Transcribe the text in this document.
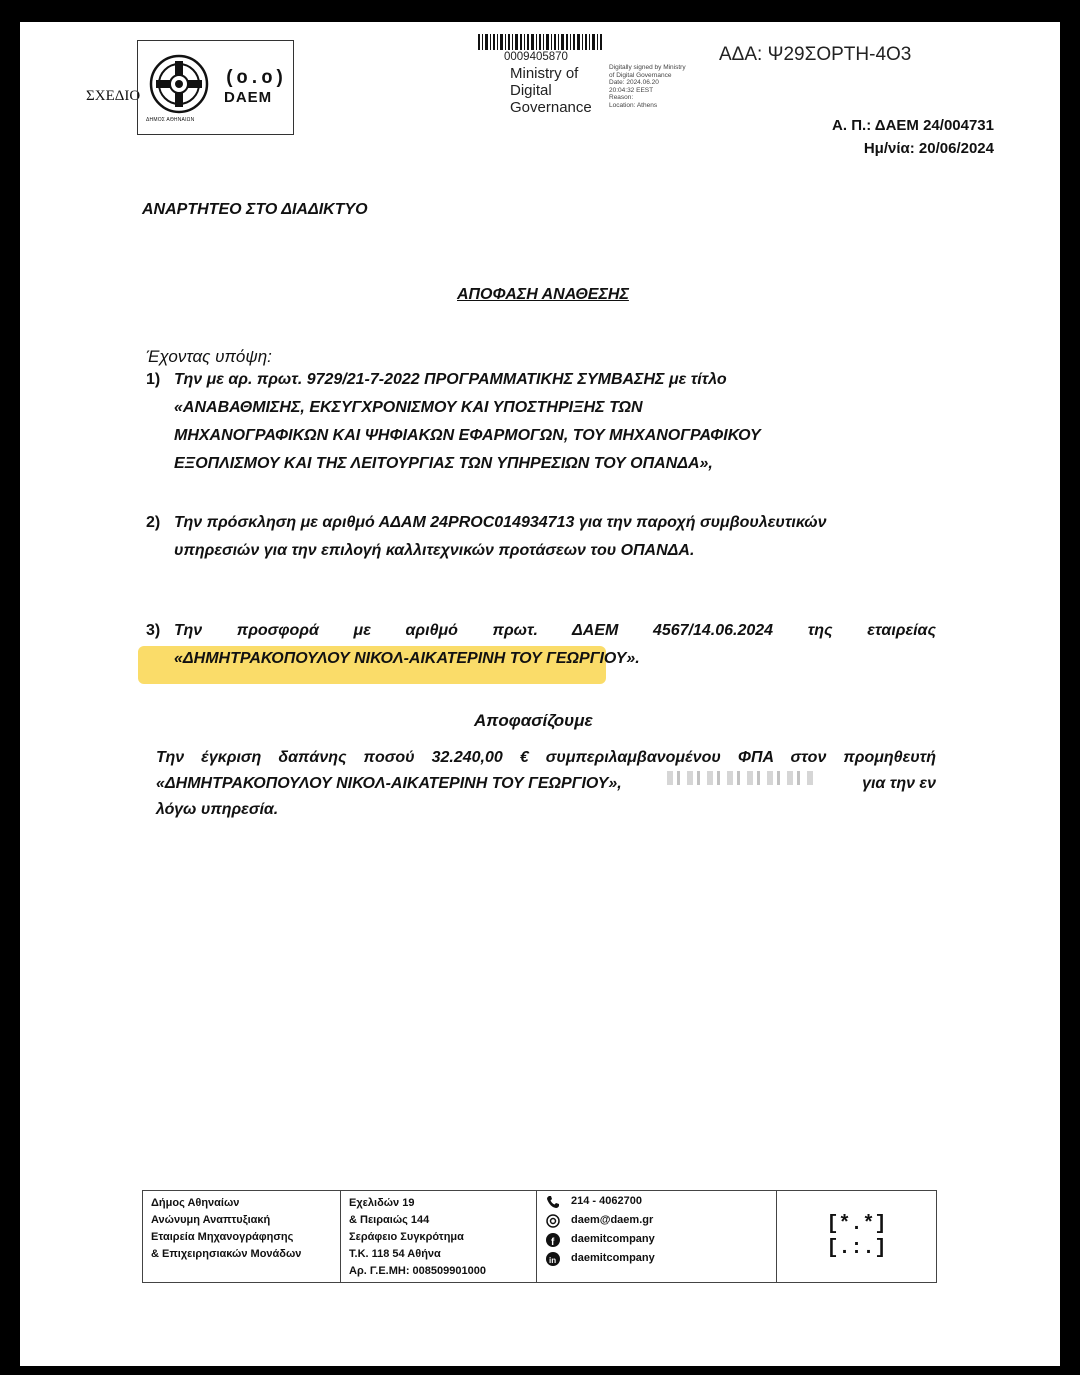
ΣΧΕΔΙΟ
ΔΗΜΟΣ ΑΘΗΝΑΙΩΝ
(o.o)
DAEM
0009405870
Ministry of
Digital
Governance
Digitally signed by Ministry
of Digital Governance
Date: 2024.06.20
20:04:32 EEST
Reason:
Location: Athens
ΑΔΑ: Ψ29ΣΟΡΤΗ-4Ο3
Α. Π.: ΔΑΕΜ 24/004731
Ημ/νία: 20/06/2024
ΑΝΑΡΤΗΤΕΟ ΣΤΟ ΔΙΑΔΙΚΤΥΟ
ΑΠΟΦΑΣΗ ΑΝΑΘΕΣΗΣ
Έχοντας υπόψη:
1) Την με αρ. πρωτ. 9729/21-7-2022 ΠΡΟΓΡΑΜΜΑΤΙΚΗΣ ΣΥΜΒΑΣΗΣ με τίτλο
«ΑΝΑΒΑΘΜΙΣΗΣ, ΕΚΣΥΓΧΡΟΝΙΣΜΟΥ ΚΑΙ ΥΠΟΣΤΗΡΙΞΗΣ ΤΩΝ
ΜΗΧΑΝΟΓΡΑΦΙΚΩΝ ΚΑΙ ΨΗΦΙΑΚΩΝ ΕΦΑΡΜΟΓΩΝ, ΤΟΥ ΜΗΧΑΝΟΓΡΑΦΙΚΟΥ
ΕΞΟΠΛΙΣΜΟΥ ΚΑΙ ΤΗΣ ΛΕΙΤΟΥΡΓΙΑΣ ΤΩΝ ΥΠΗΡΕΣΙΩΝ ΤΟΥ ΟΠΑΝΔΑ»,
2) Την πρόσκληση με αριθμό ΑΔΑΜ 24PROC014934713 για την παροχή συμβουλευτικών
υπηρεσιών για την επιλογή καλλιτεχνικών προτάσεων του ΟΠΑΝΔΑ.
3) Την προσφορά με αριθμό πρωτ. ΔΑΕΜ 4567/14.06.2024 της εταιρείας
«ΔΗΜΗΤΡΑΚΟΠΟΥΛΟΥ ΝΙΚΟΛ-ΑΙΚΑΤΕΡΙΝΗ ΤΟΥ ΓΕΩΡΓΙΟΥ».
Αποφασίζουμε
Την έγκριση δαπάνης ποσού 32.240,00 € συμπεριλαμβανομένου ΦΠΑ στον προμηθευτή
«ΔΗΜΗΤΡΑΚΟΠΟΥΛΟΥ ΝΙΚΟΛ-ΑΙΚΑΤΕΡΙΝΗ ΤΟΥ ΓΕΩΡΓΙΟΥ»,	για την εν
λόγω υπηρεσία.
Δήμος Αθηναίων
Ανώνυμη Αναπτυξιακή
Εταιρεία Μηχανογράφησης
& Επιχειρησιακών Μονάδων
Εχελιδών 19
& Πειραιώς 144
Σεράφειο Συγκρότημα
Τ.Κ. 118 54 Αθήνα
Αρ. Γ.Ε.ΜΗ: 008509901000
214 - 4062700
daem@daem.gr
f daemitcompany
in daemitcompany
[*.*]
[.:.]
